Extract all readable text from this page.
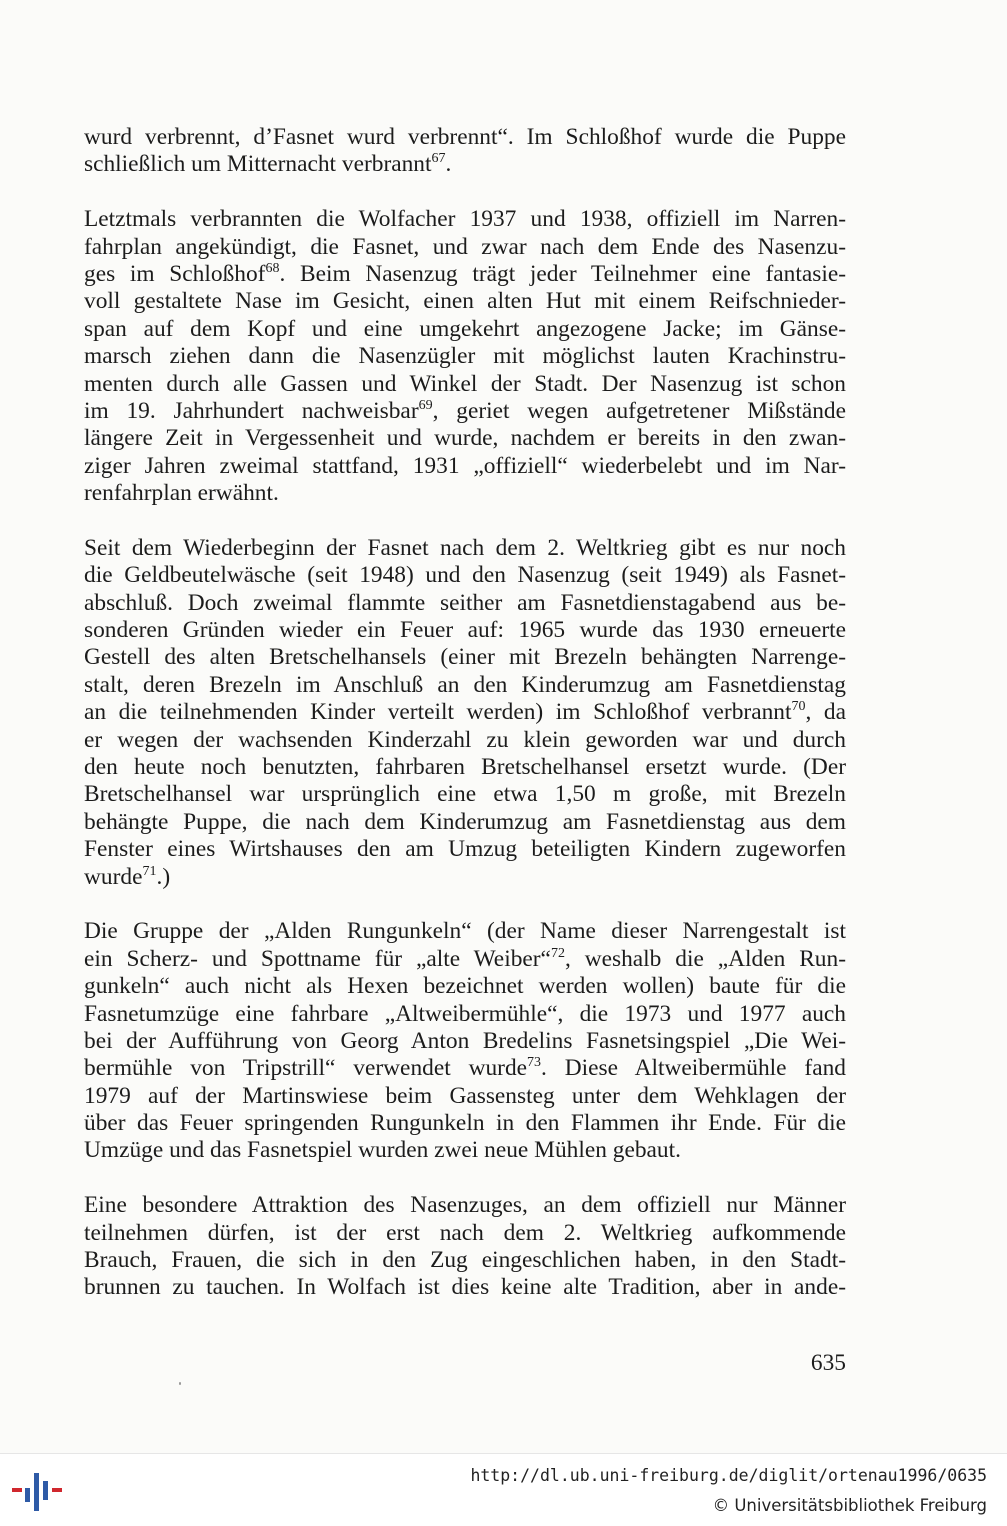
wurd verbrennt, d’Fasnet wurd verbrennt“. Im Schloßhof wurde die Puppe
schließlich um Mitternacht verbrannt$^{67}$.
Letztmals verbrannten die Wolfacher 1937 und 1938, offiziell im Narren-
fahrplan angekündigt, die Fasnet, und zwar nach dem Ende des Nasenzu-
ges im Schloßhof$^{68}$. Beim Nasenzug trägt jeder Teilnehmer eine fantasie-
voll gestaltete Nase im Gesicht, einen alten Hut mit einem Reifschnieder-
span auf dem Kopf und eine umgekehrt angezogene Jacke; im Gänse-
marsch ziehen dann die Nasenzügler mit möglichst lauten Krachinstru-
menten durch alle Gassen und Winkel der Stadt. Der Nasenzug ist schon
im 19. Jahrhundert nachweisbar$^{69}$, geriet wegen aufgetretener Mißstände
längere Zeit in Vergessenheit und wurde, nachdem er bereits in den zwan-
ziger Jahren zweimal stattfand, 1931 „offiziell“ wiederbelebt und im Nar-
renfahrplan erwähnt.
Seit dem Wiederbeginn der Fasnet nach dem 2. Weltkrieg gibt es nur noch
die Geldbeutelwäsche (seit 1948) und den Nasenzug (seit 1949) als Fasnet-
abschluß. Doch zweimal flammte seither am Fasnetdienstagabend aus be-
sonderen Gründen wieder ein Feuer auf: 1965 wurde das 1930 erneuerte
Gestell des alten Bretschelhansels (einer mit Brezeln behängten Narrenge-
stalt, deren Brezeln im Anschluß an den Kinderumzug am Fasnetdienstag
an die teilnehmenden Kinder verteilt werden) im Schloßhof verbrannt$^{70}$, da
er wegen der wachsenden Kinderzahl zu klein geworden war und durch
den heute noch benutzten, fahrbaren Bretschelhansel ersetzt wurde. (Der
Bretschelhansel war ursprünglich eine etwa 1,50 m große, mit Brezeln
behängte Puppe, die nach dem Kinderumzug am Fasnetdienstag aus dem
Fenster eines Wirtshauses den am Umzug beteiligten Kindern zugeworfen
wurde$^{71}$.)
Die Gruppe der „Alden Rungunkeln“ (der Name dieser Narrengestalt ist
ein Scherz- und Spottname für „alte Weiber“$^{72}$, weshalb die „Alden Run-
gunkeln“ auch nicht als Hexen bezeichnet werden wollen) baute für die
Fasnetumzüge eine fahrbare „Altweibermühle“, die 1973 und 1977 auch
bei der Aufführung von Georg Anton Bredelins Fasnetsingspiel „Die Wei-
bermühle von Tripstrill“ verwendet wurde$^{73}$. Diese Altweibermühle fand
1979 auf der Martinswiese beim Gassensteg unter dem Wehklagen der
über das Feuer springenden Rungunkeln in den Flammen ihr Ende. Für die
Umzüge und das Fasnetspiel wurden zwei neue Mühlen gebaut.
Eine besondere Attraktion des Nasenzuges, an dem offiziell nur Männer
teilnehmen dürfen, ist der erst nach dem 2. Weltkrieg aufkommende
Brauch, Frauen, die sich in den Zug eingeschlichen haben, in den Stadt-
brunnen zu tauchen. In Wolfach ist dies keine alte Tradition, aber in ande-
635
http://dl.ub.uni-freiburg.de/diglit/ortenau1996/0635
© Universitätsbibliothek Freiburg
